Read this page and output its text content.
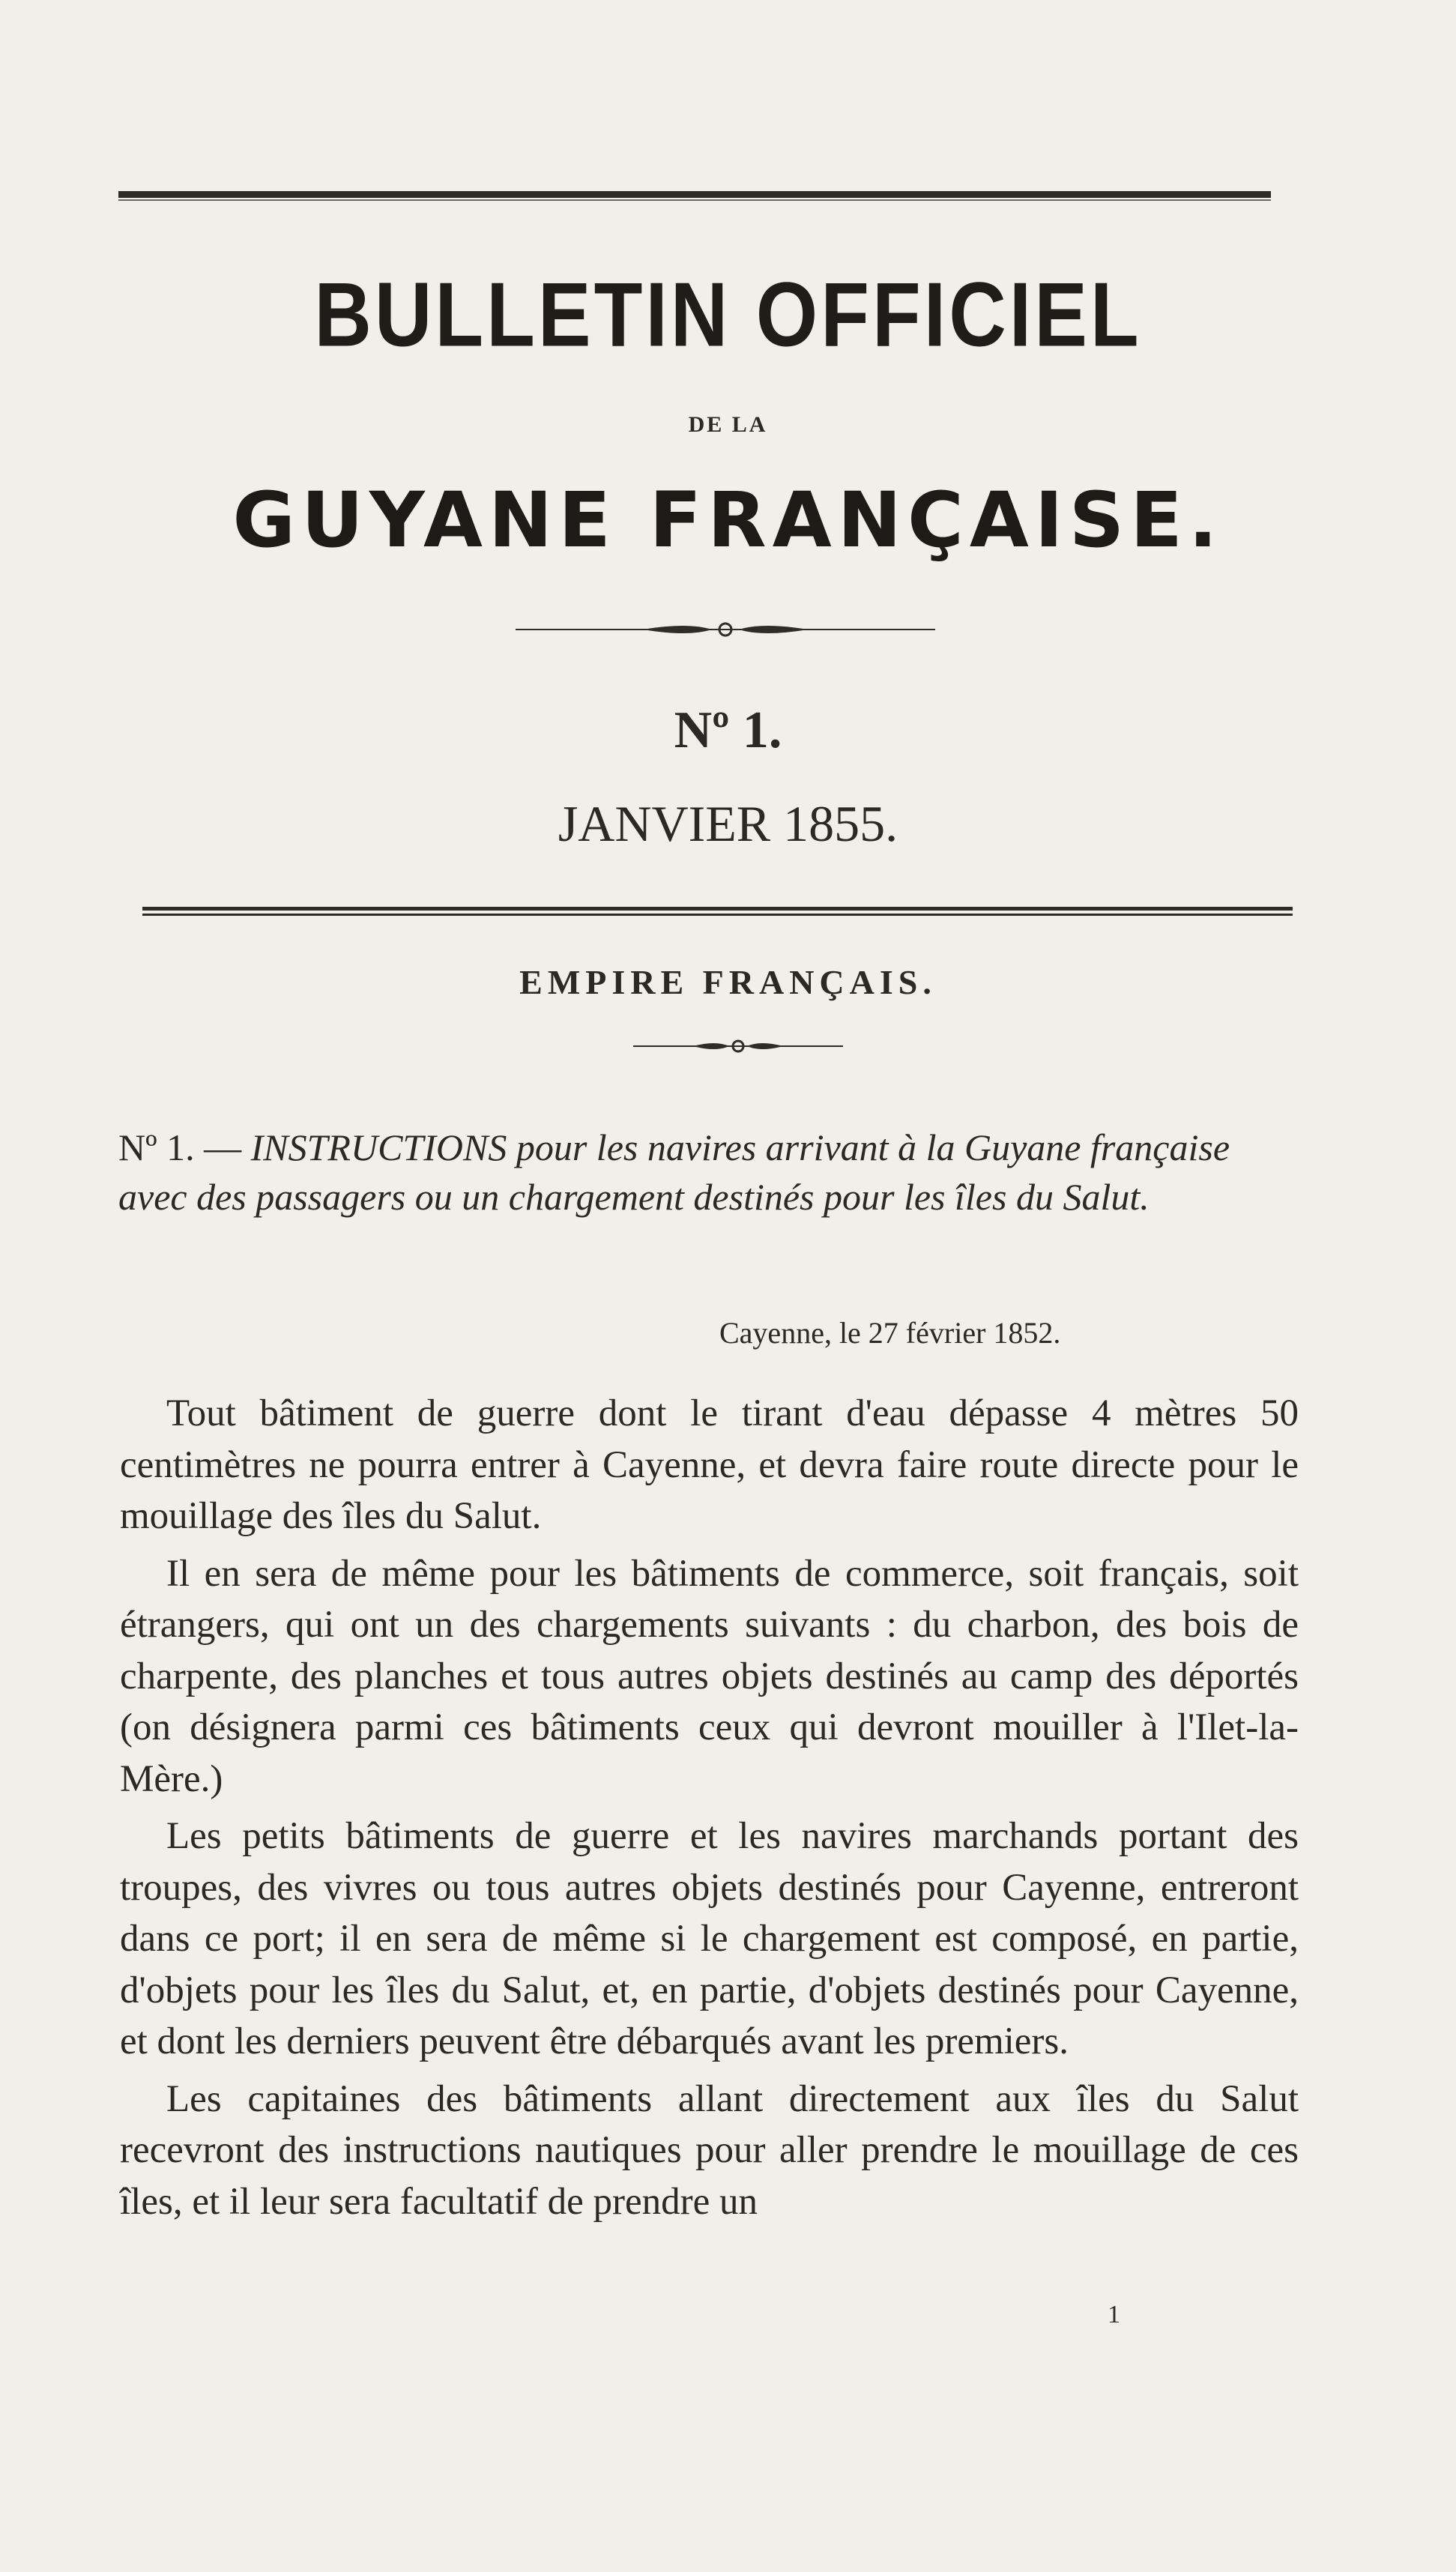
BULLETIN OFFICIEL
DE LA
GUYANE FRANÇAISE.
Nº 1.
JANVIER 1855.
EMPIRE FRANÇAIS.
Nº 1. — INSTRUCTIONS pour les navires arrivant à la Guyane française avec des passagers ou un chargement destinés pour les îles du Salut.
Cayenne, le 27 février 1852.

Tout bâtiment de guerre dont le tirant d'eau dépasse 4 mètres 50 centimètres ne pourra entrer à Cayenne, et devra faire route directe pour le mouillage des îles du Salut.

Il en sera de même pour les bâtiments de commerce, soit français, soit étrangers, qui ont un des chargements suivants : du charbon, des bois de charpente, des planches et tous autres objets destinés au camp des déportés (on désignera parmi ces bâtiments ceux qui devront mouiller à l'Ilet-la-Mère.)

Les petits bâtiments de guerre et les navires marchands portant des troupes, des vivres ou tous autres objets destinés pour Cayenne, entreront dans ce port; il en sera de même si le chargement est composé, en partie, d'objets pour les îles du Salut, et, en partie, d'objets destinés pour Cayenne, et dont les derniers peuvent être débarqués avant les premiers.

Les capitaines des bâtiments allant directement aux îles du Salut recevront des instructions nautiques pour aller prendre le mouillage de ces îles, et il leur sera facultatif de prendre un

1
